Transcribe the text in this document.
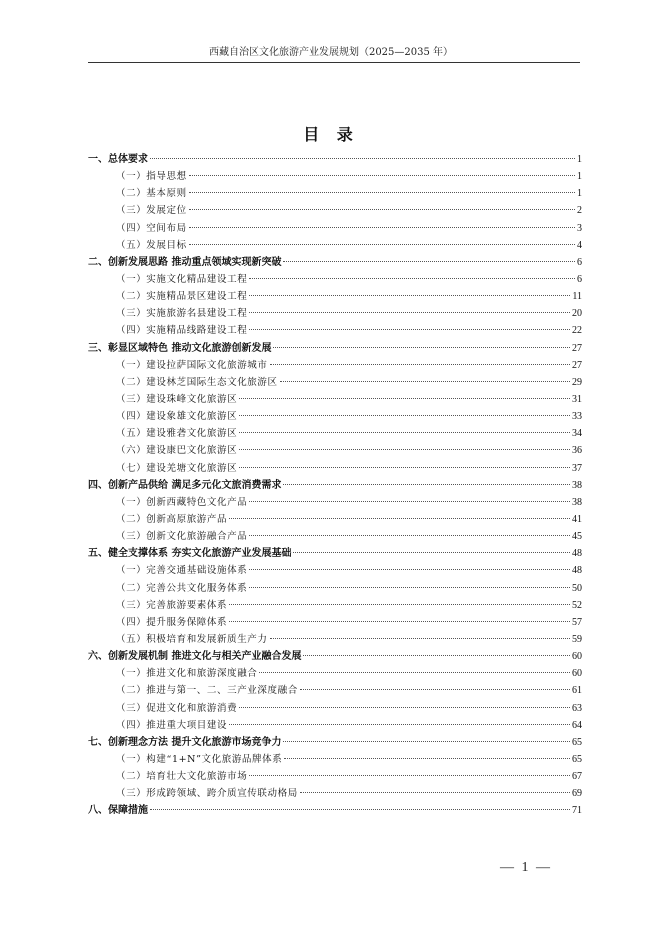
西藏自治区文化旅游产业发展规划（2025—2035 年）
目 录
一、总体要求	1
（一）指导思想	1
（二）基本原则	1
（三）发展定位	2
（四）空间布局	3
（五）发展目标	4
二、创新发展思路 推动重点领域实现新突破	6
（一）实施文化精品建设工程	6
（二）实施精品景区建设工程	11
（三）实施旅游名县建设工程	20
（四）实施精品线路建设工程	22
三、彰显区域特色 推动文化旅游创新发展	27
（一）建设拉萨国际文化旅游城市	27
（二）建设林芝国际生态文化旅游区	29
（三）建设珠峰文化旅游区	31
（四）建设象雄文化旅游区	33
（五）建设雅砻文化旅游区	34
（六）建设康巴文化旅游区	36
（七）建设羌塘文化旅游区	37
四、创新产品供给 满足多元化文旅消费需求	38
（一）创新西藏特色文化产品	38
（二）创新高原旅游产品	41
（三）创新文化旅游融合产品	45
五、健全支撑体系 夯实文化旅游产业发展基础	48
（一）完善交通基础设施体系	48
（二）完善公共文化服务体系	50
（三）完善旅游要素体系	52
（四）提升服务保障体系	57
（五）积极培育和发展新质生产力	59
六、创新发展机制 推进文化与相关产业融合发展	60
（一）推进文化和旅游深度融合	60
（二）推进与第一、二、三产业深度融合	61
（三）促进文化和旅游消费	63
（四）推进重大项目建设	64
七、创新理念方法 提升文化旅游市场竞争力	65
（一）构建“1+N”文化旅游品牌体系	65
（二）培育壮大文化旅游市场	67
（三）形成跨领域、跨介质宣传联动格局	69
八、保障措施	71
— 1 —
